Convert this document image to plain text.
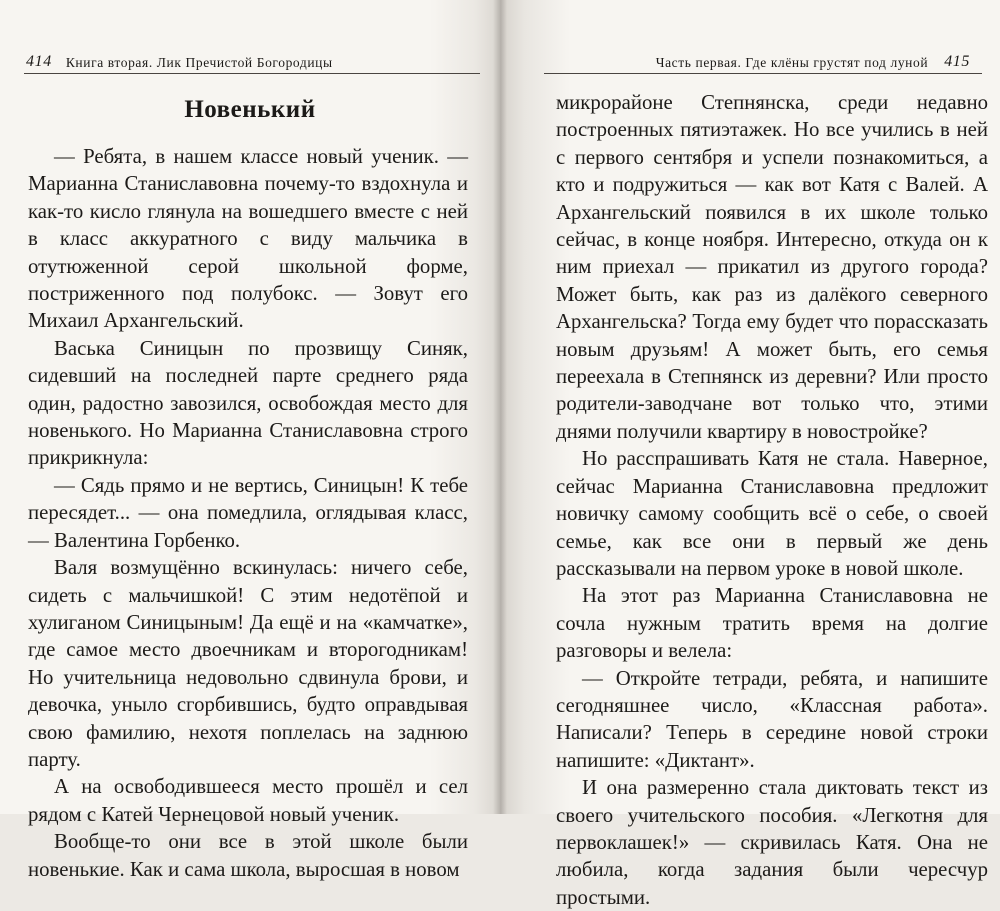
414 Книга вторая. Лик Пречистой Богородицы
Новенький

— Ребята, в нашем классе новый ученик. — Марианна Станиславовна почему-то вздохнула и как-то кисло глянула на вошедшего вместе с ней в класс аккуратного с виду мальчика в отутюженной серой школьной форме, постриженного под полубокс. — Зовут его Михаил Архангельский.

Васька Синицын по прозвищу Синяк, сидевший на последней парте среднего ряда один, радостно завозился, освобождая место для новенького. Но Марианна Станиславовна строго прикрикнула:

— Сядь прямо и не вертись, Синицын! К тебе пересядет... — она помедлила, оглядывая класс, — Валентина Горбенко.

Валя возмущённо вскинулась: ничего себе, сидеть с мальчишкой! С этим недотёпой и хулиганом Синицыным! Да ещё и на «камчатке», где самое место двоечникам и второгодникам! Но учительница недовольно сдвинула брови, и девочка, уныло сгорбившись, будто оправдывая свою фамилию, нехотя поплелась на заднюю парту.

А на освободившееся место прошёл и сел рядом с Катей Чернецовой новый ученик.

Вообще-то они все в этой школе были новенькие. Как и сама школа, выросшая в новом

Часть первая. Где клёны грустят под луной 415

микрорайоне Степнянска, среди недавно построенных пятиэтажек. Но все учились в ней с первого сентября и успели познакомиться, а кто и подружиться — как вот Катя с Валей. А Архангельский появился в их школе только сейчас, в конце ноября. Интересно, откуда он к ним приехал — прикатил из другого города? Может быть, как раз из далёкого северного Архангельска? Тогда ему будет что порассказать новым друзьям! А может быть, его семья переехала в Степнянск из деревни? Или просто родители-заводчане вот только что, этими днями получили квартиру в новостройке?

Но расспрашивать Катя не стала. Наверное, сейчас Марианна Станиславовна предложит новичку самому сообщить всё о себе, о своей семье, как все они в первый же день рассказывали на первом уроке в новой школе.

На этот раз Марианна Станиславовна не сочла нужным тратить время на долгие разговоры и велела:

— Откройте тетради, ребята, и напишите сегодняшнее число, «Классная работа». Написали? Теперь в середине новой строки напишите: «Диктант».

И она размеренно стала диктовать текст из своего учительского пособия. «Легкотня для первоклашек!» — скривилась Катя. Она не любила, когда задания были чересчур простыми.
